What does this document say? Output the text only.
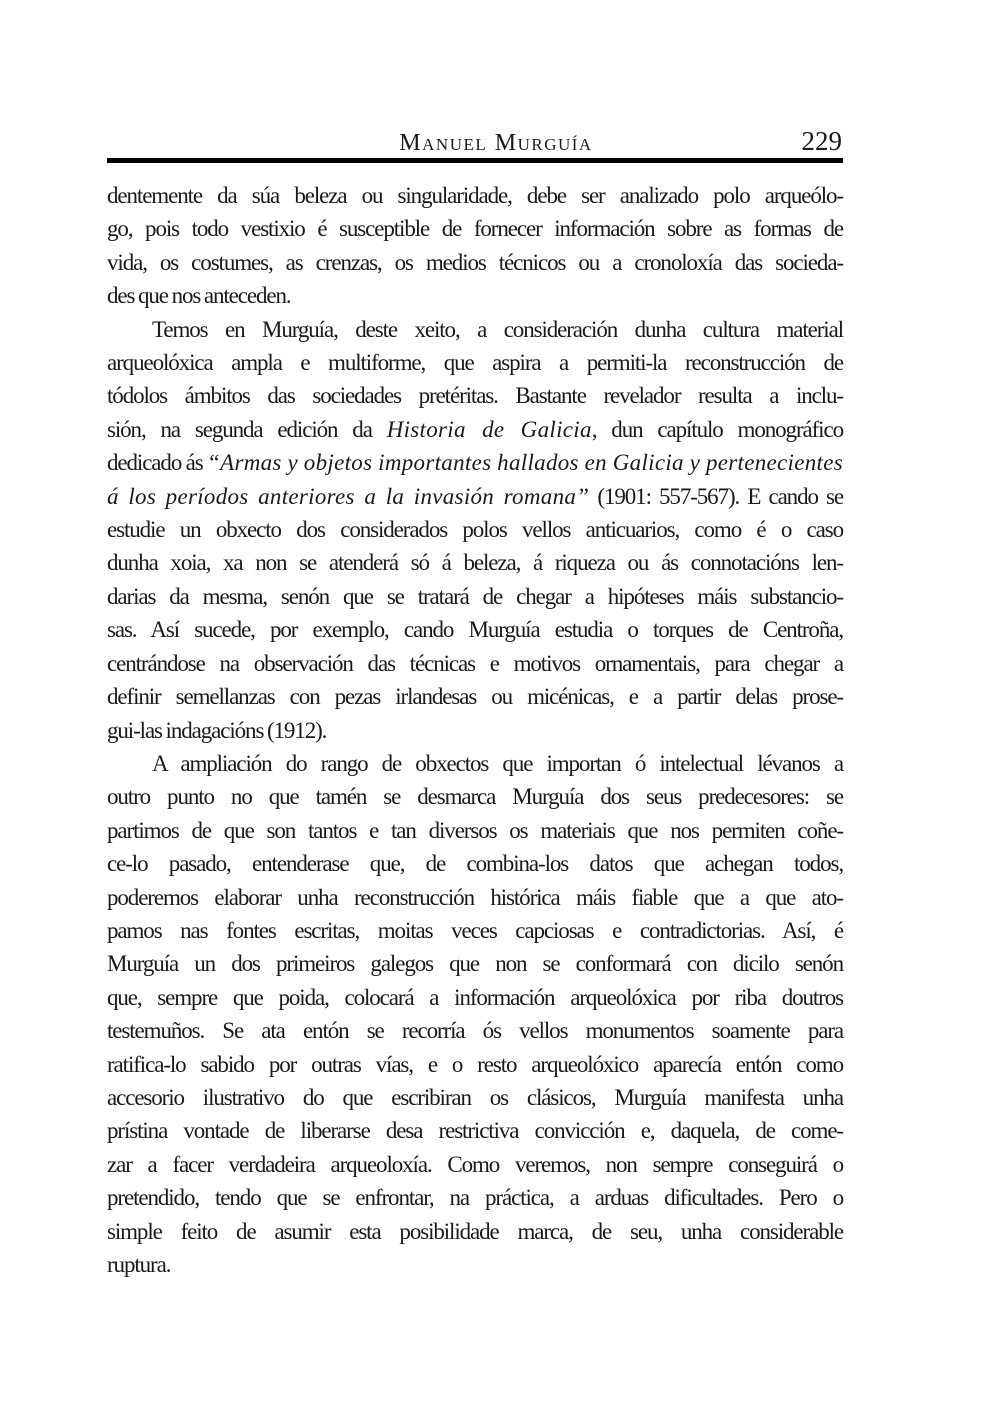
Manuel Murguía	229
dentemente da súa beleza ou singularidade, debe ser analizado polo arqueólo-
go, pois todo vestixio é susceptible de fornecer información sobre as formas de
vida, os costumes, as crenzas, os medios técnicos ou a cronoloxía das socieda-
des que nos anteceden.
Temos en Murguía, deste xeito, a consideración dunha cultura material
arqueolóxica ampla e multiforme, que aspira a permiti-la reconstrucción de
tódolos ámbitos das sociedades pretéritas. Bastante revelador resulta a inclu-
sión, na segunda edición da Historia de Galicia, dun capítulo monográfico
dedicado ás “Armas y objetos importantes hallados en Galicia y pertenecientes
á los períodos anteriores a la invasión romana” (1901: 557-567). E cando se
estudie un obxecto dos considerados polos vellos anticuarios, como é o caso
dunha xoia, xa non se atenderá só á beleza, á riqueza ou ás connotacións len-
darias da mesma, senón que se tratará de chegar a hipóteses máis substancio-
sas. Así sucede, por exemplo, cando Murguía estudia o torques de Centroña,
centrándose na observación das técnicas e motivos ornamentais, para chegar a
definir semellanzas con pezas irlandesas ou micénicas, e a partir delas prose-
gui-las indagacións (1912).
A ampliación do rango de obxectos que importan ó intelectual lévanos a
outro punto no que tamén se desmarca Murguía dos seus predecesores: se
partimos de que son tantos e tan diversos os materiais que nos permiten coñe-
ce-lo pasado, entenderase que, de combina-los datos que achegan todos,
poderemos elaborar unha reconstrucción histórica máis fiable que a que ato-
pamos nas fontes escritas, moitas veces capciosas e contradictorias. Así, é
Murguía un dos primeiros galegos que non se conformará con dicilo senón
que, sempre que poida, colocará a información arqueolóxica por riba doutros
testemuños. Se ata entón se recorría ós vellos monumentos soamente para
ratifica-lo sabido por outras vías, e o resto arqueolóxico aparecía entón como
accesorio ilustrativo do que escribiran os clásicos, Murguía manifesta unha
prístina vontade de liberarse desa restrictiva convicción e, daquela, de come-
zar a facer verdadeira arqueoloxía. Como veremos, non sempre conseguirá o
pretendido, tendo que se enfrontar, na práctica, a arduas dificultades. Pero o
simple feito de asumir esta posibilidade marca, de seu, unha considerable
ruptura.
